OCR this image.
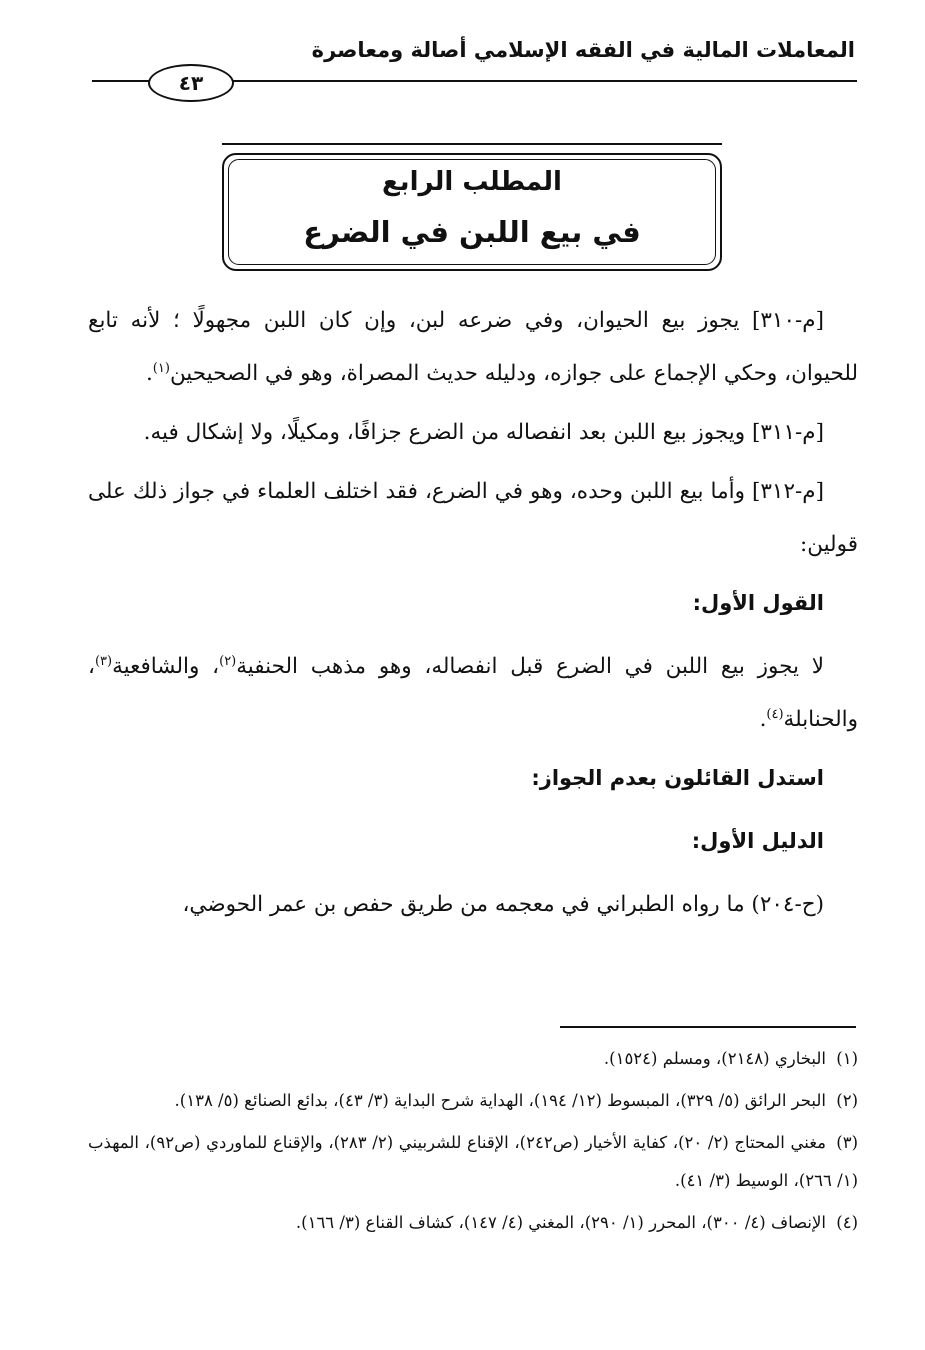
المعاملات المالية في الفقه الإسلامي أصالة ومعاصرة
٤٣
المطلب الرابع
في بيع اللبن في الضرع

[م-٣١٠] يجوز بيع الحيوان، وفي ضرعه لبن، وإن كان اللبن مجهولًا ؛ لأنه تابع للحيوان، وحكي الإجماع على جوازه، ودليله حديث المصراة، وهو في الصحيحين$^{(١)}$.

[م-٣١١] ويجوز بيع اللبن بعد انفصاله من الضرع جزافًا، ومكيلًا، ولا إشكال فيه.

[م-٣١٢] وأما بيع اللبن وحده، وهو في الضرع، فقد اختلف العلماء في جواز ذلك على قولين:

القول الأول:

لا يجوز بيع اللبن في الضرع قبل انفصاله، وهو مذهب الحنفية$^{(٢)}$، والشافعية$^{(٣)}$، والحنابلة$^{(٤)}$.

استدل القائلون بعدم الجواز:
الدليل الأول:

(ح-٢٠٤) ما رواه الطبراني في معجمه من طريق حفص بن عمر الحوضي،

(١)البخاري (٢١٤٨)، ومسلم (١٥٢٤).

(٢)البحر الرائق (٥/ ٣٢٩)، المبسوط (١٢/ ١٩٤)، الهداية شرح البداية (٣/ ٤٣)، بدائع الصنائع (٥/ ١٣٨).

(٣)مغني المحتاج (٢/ ٢٠)، كفاية الأخيار (ص٢٤٢)، الإقناع للشربيني (٢/ ٢٨٣)، والإقناع للماوردي (ص٩٢)، المهذب (١/ ٢٦٦)، الوسيط (٣/ ٤١).

(٤)الإنصاف (٤/ ٣٠٠)، المحرر (١/ ٢٩٠)، المغني (٤/ ١٤٧)، كشاف القناع (٣/ ١٦٦).
